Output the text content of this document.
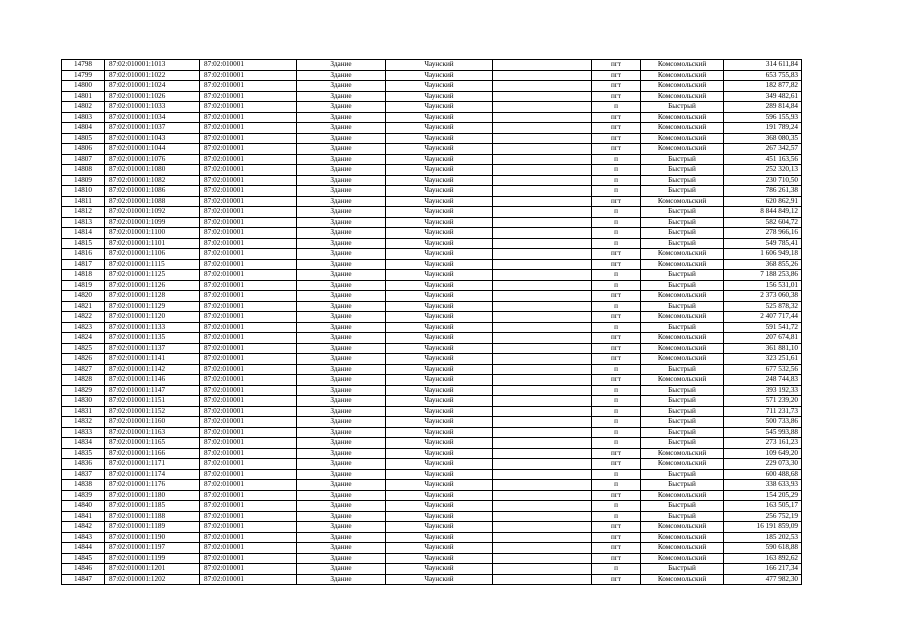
14798	87:02:010001:1013	87:02:010001	Здание	Чаунский		пгт	Комсомольский	314 611,84
14799	87:02:010001:1022	87:02:010001	Здание	Чаунский		пгт	Комсомольский	653 755,83
14800	87:02:010001:1024	87:02:010001	Здание	Чаунский		пгт	Комсомольский	182 877,82
14801	87:02:010001:1026	87:02:010001	Здание	Чаунский		пгт	Комсомольский	349 482,61
14802	87:02:010001:1033	87:02:010001	Здание	Чаунский		п	Быстрый	289 814,84
14803	87:02:010001:1034	87:02:010001	Здание	Чаунский		пгт	Комсомольский	596 155,93
14804	87:02:010001:1037	87:02:010001	Здание	Чаунский		пгт	Комсомольский	191 789,24
14805	87:02:010001:1043	87:02:010001	Здание	Чаунский		пгт	Комсомольский	368 080,35
14806	87:02:010001:1044	87:02:010001	Здание	Чаунский		пгт	Комсомольский	267 342,57
14807	87:02:010001:1076	87:02:010001	Здание	Чаунский		п	Быстрый	451 163,56
14808	87:02:010001:1080	87:02:010001	Здание	Чаунский		п	Быстрый	252 320,13
14809	87:02:010001:1082	87:02:010001	Здание	Чаунский		п	Быстрый	230 710,50
14810	87:02:010001:1086	87:02:010001	Здание	Чаунский		п	Быстрый	786 261,38
14811	87:02:010001:1088	87:02:010001	Здание	Чаунский		пгт	Комсомольский	620 862,91
14812	87:02:010001:1092	87:02:010001	Здание	Чаунский		п	Быстрый	8 844 849,12
14813	87:02:010001:1099	87:02:010001	Здание	Чаунский		п	Быстрый	582 604,72
14814	87:02:010001:1100	87:02:010001	Здание	Чаунский		п	Быстрый	278 966,16
14815	87:02:010001:1101	87:02:010001	Здание	Чаунский		п	Быстрый	549 785,41
14816	87:02:010001:1106	87:02:010001	Здание	Чаунский		пгт	Комсомольский	1 606 949,18
14817	87:02:010001:1115	87:02:010001	Здание	Чаунский		пгт	Комсомольский	368 855,26
14818	87:02:010001:1125	87:02:010001	Здание	Чаунский		п	Быстрый	7 188 253,86
14819	87:02:010001:1126	87:02:010001	Здание	Чаунский		п	Быстрый	156 531,01
14820	87:02:010001:1128	87:02:010001	Здание	Чаунский		пгт	Комсомольский	2 373 060,38
14821	87:02:010001:1129	87:02:010001	Здание	Чаунский		п	Быстрый	525 878,32
14822	87:02:010001:1120	87:02:010001	Здание	Чаунский		пгт	Комсомольский	2 407 717,44
14823	87:02:010001:1133	87:02:010001	Здание	Чаунский		п	Быстрый	591 541,72
14824	87:02:010001:1135	87:02:010001	Здание	Чаунский		пгт	Комсомольский	207 674,81
14825	87:02:010001:1137	87:02:010001	Здание	Чаунский		пгт	Комсомольский	361 881,10
14826	87:02:010001:1141	87:02:010001	Здание	Чаунский		пгт	Комсомольский	323 251,61
14827	87:02:010001:1142	87:02:010001	Здание	Чаунский		п	Быстрый	677 532,56
14828	87:02:010001:1146	87:02:010001	Здание	Чаунский		пгт	Комсомольский	248 744,83
14829	87:02:010001:1147	87:02:010001	Здание	Чаунский		п	Быстрый	393 192,33
14830	87:02:010001:1151	87:02:010001	Здание	Чаунский		п	Быстрый	571 239,20
14831	87:02:010001:1152	87:02:010001	Здание	Чаунский		п	Быстрый	711 231,73
14832	87:02:010001:1160	87:02:010001	Здание	Чаунский		п	Быстрый	500 733,86
14833	87:02:010001:1163	87:02:010001	Здание	Чаунский		п	Быстрый	545 993,88
14834	87:02:010001:1165	87:02:010001	Здание	Чаунский		п	Быстрый	273 161,23
14835	87:02:010001:1166	87:02:010001	Здание	Чаунский		пгт	Комсомольский	109 649,20
14836	87:02:010001:1171	87:02:010001	Здание	Чаунский		пгт	Комсомольский	229 073,30
14837	87:02:010001:1174	87:02:010001	Здание	Чаунский		п	Быстрый	600 488,68
14838	87:02:010001:1176	87:02:010001	Здание	Чаунский		п	Быстрый	338 633,93
14839	87:02:010001:1180	87:02:010001	Здание	Чаунский		пгт	Комсомольский	154 205,29
14840	87:02:010001:1185	87:02:010001	Здание	Чаунский		п	Быстрый	163 505,17
14841	87:02:010001:1188	87:02:010001	Здание	Чаунский		п	Быстрый	256 752,19
14842	87:02:010001:1189	87:02:010001	Здание	Чаунский		пгт	Комсомольский	16 191 859,09
14843	87:02:010001:1190	87:02:010001	Здание	Чаунский		пгт	Комсомольский	185 202,53
14844	87:02:010001:1197	87:02:010001	Здание	Чаунский		пгт	Комсомольский	590 618,88
14845	87:02:010001:1199	87:02:010001	Здание	Чаунский		пгт	Комсомольский	163 892,62
14846	87:02:010001:1201	87:02:010001	Здание	Чаунский		п	Быстрый	166 217,34
14847	87:02:010001:1202	87:02:010001	Здание	Чаунский		пгт	Комсомольский	477 982,30
